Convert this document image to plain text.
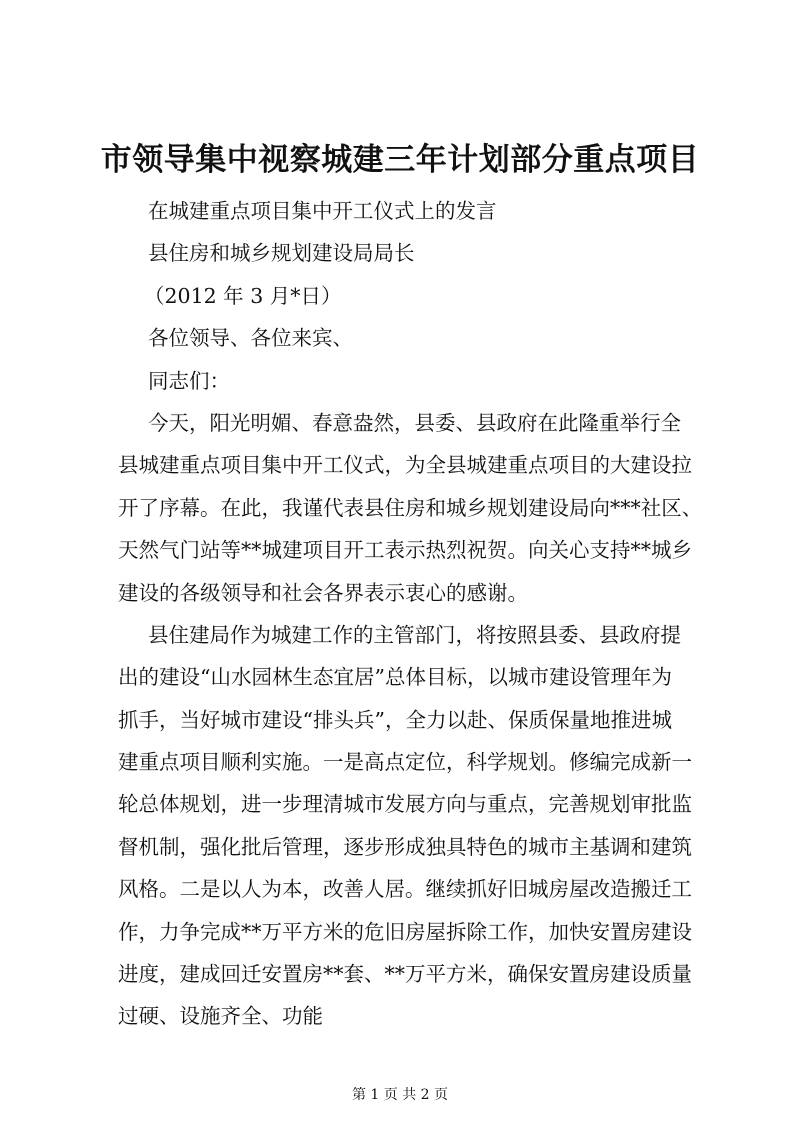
市领导集中视察城建三年计划部分重点项目
在城建重点项目集中开工仪式上的发言
县住房和城乡规划建设局局长
（2012 年 3 月*日）
各位领导、各位来宾、
同志们：
今天，阳光明媚、春意盎然，县委、县政府在此隆重举行全
县城建重点项目集中开工仪式，为全县城建重点项目的大建设拉
开了序幕。在此，我谨代表县住房和城乡规划建设局向***社区、
天然气门站等**城建项目开工表示热烈祝贺。向关心支持**城乡
建设的各级领导和社会各界表示衷心的感谢。
县住建局作为城建工作的主管部门，将按照县委、县政府提
出的建设“山水园林生态宜居”总体目标，以城市建设管理年为
抓手，当好城市建设“排头兵”，全力以赴、保质保量地推进城
建重点项目顺利实施。一是高点定位，科学规划。修编完成新一
轮总体规划，进一步理清城市发展方向与重点，完善规划审批监
督机制，强化批后管理，逐步形成独具特色的城市主基调和建筑
风格。二是以人为本，改善人居。继续抓好旧城房屋改造搬迁工
作，力争完成**万平方米的危旧房屋拆除工作，加快安置房建设
进度，建成回迁安置房**套、**万平方米，确保安置房建设质量
过硬、设施齐全、功能
第 1 页 共 2 页
